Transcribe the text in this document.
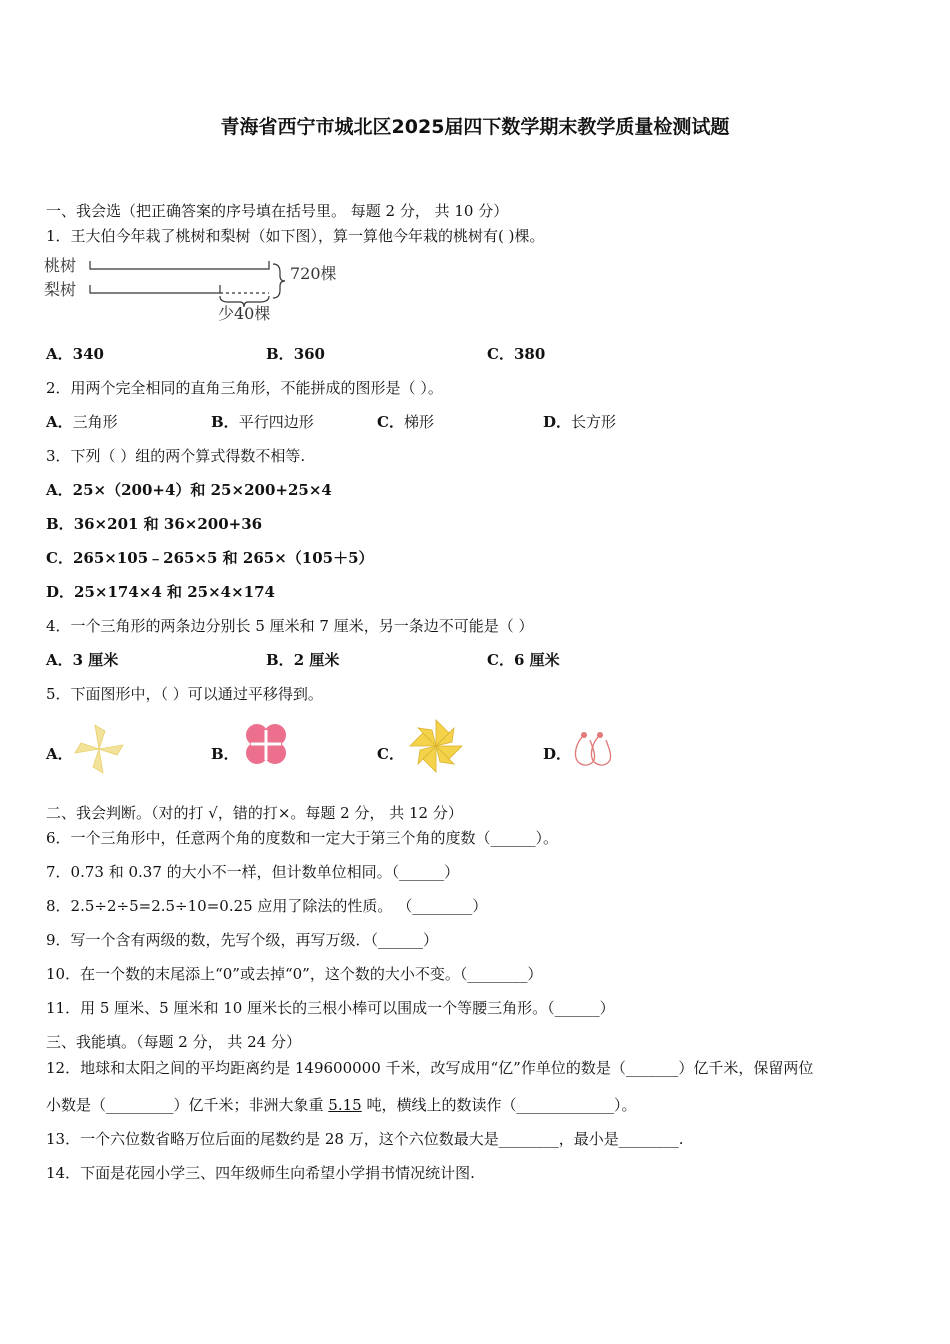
青海省西宁市城北区2025届四下数学期末教学质量检测试题
一、我会选（把正确答案的序号填在括号里。 每题 2 分， 共 10 分）
1．王大伯今年栽了桃树和梨树（如下图），算一算他今年栽的桃树有( )棵。
桃树
梨树
720棵
少40棵
A．340	B．360	C．380
2．用两个完全相同的直角三角形，不能拼成的图形是（ ）。
A．三角形	B．平行四边形	C．梯形	D．长方形
3．下列（ ）组的两个算式得数不相等.
A．25×（200+4）和 25×200+25×4
B．36×201 和 36×200+36
C．265×105﹣265×5 和 265×（105＋5）
D．25×174×4 和 25×4×174
4．一个三角形的两条边分别长 5 厘米和 7 厘米，另一条边不可能是（ ）
A．3 厘米	B．2 厘米	C．6 厘米
5．下面图形中，（ ）可以通过平移得到。
A．	B．	C．	D．
二、我会判断。（对的打 √，错的打×。每题 2 分， 共 12 分）
6．一个三角形中，任意两个角的度数和一定大于第三个角的度数（______）。
7．0.73 和 0.37 的大小不一样，但计数单位相同。（______）
8．2.5÷2÷5=2.5÷10=0.25 应用了除法的性质。 （________）
9．写一个含有两级的数，先写个级，再写万级．（______）
10．在一个数的末尾添上“0”或去掉“0”，这个数的大小不变。（________）
11．用 5 厘米、5 厘米和 10 厘米长的三根小棒可以围成一个等腰三角形。（______）
三、我能填。（每题 2 分， 共 24 分）
12．地球和太阳之间的平均距离约是 149600000 千米，改写成用“亿”作单位的数是（_______）亿千米，保留两位
小数是（_________）亿千米；非洲大象重 5.15 吨，横线上的数读作（_____________）。
13．一个六位数省略万位后面的尾数约是 28 万，这个六位数最大是________，最小是________.
14．下面是花园小学三、四年级师生向希望小学捐书情况统计图.
